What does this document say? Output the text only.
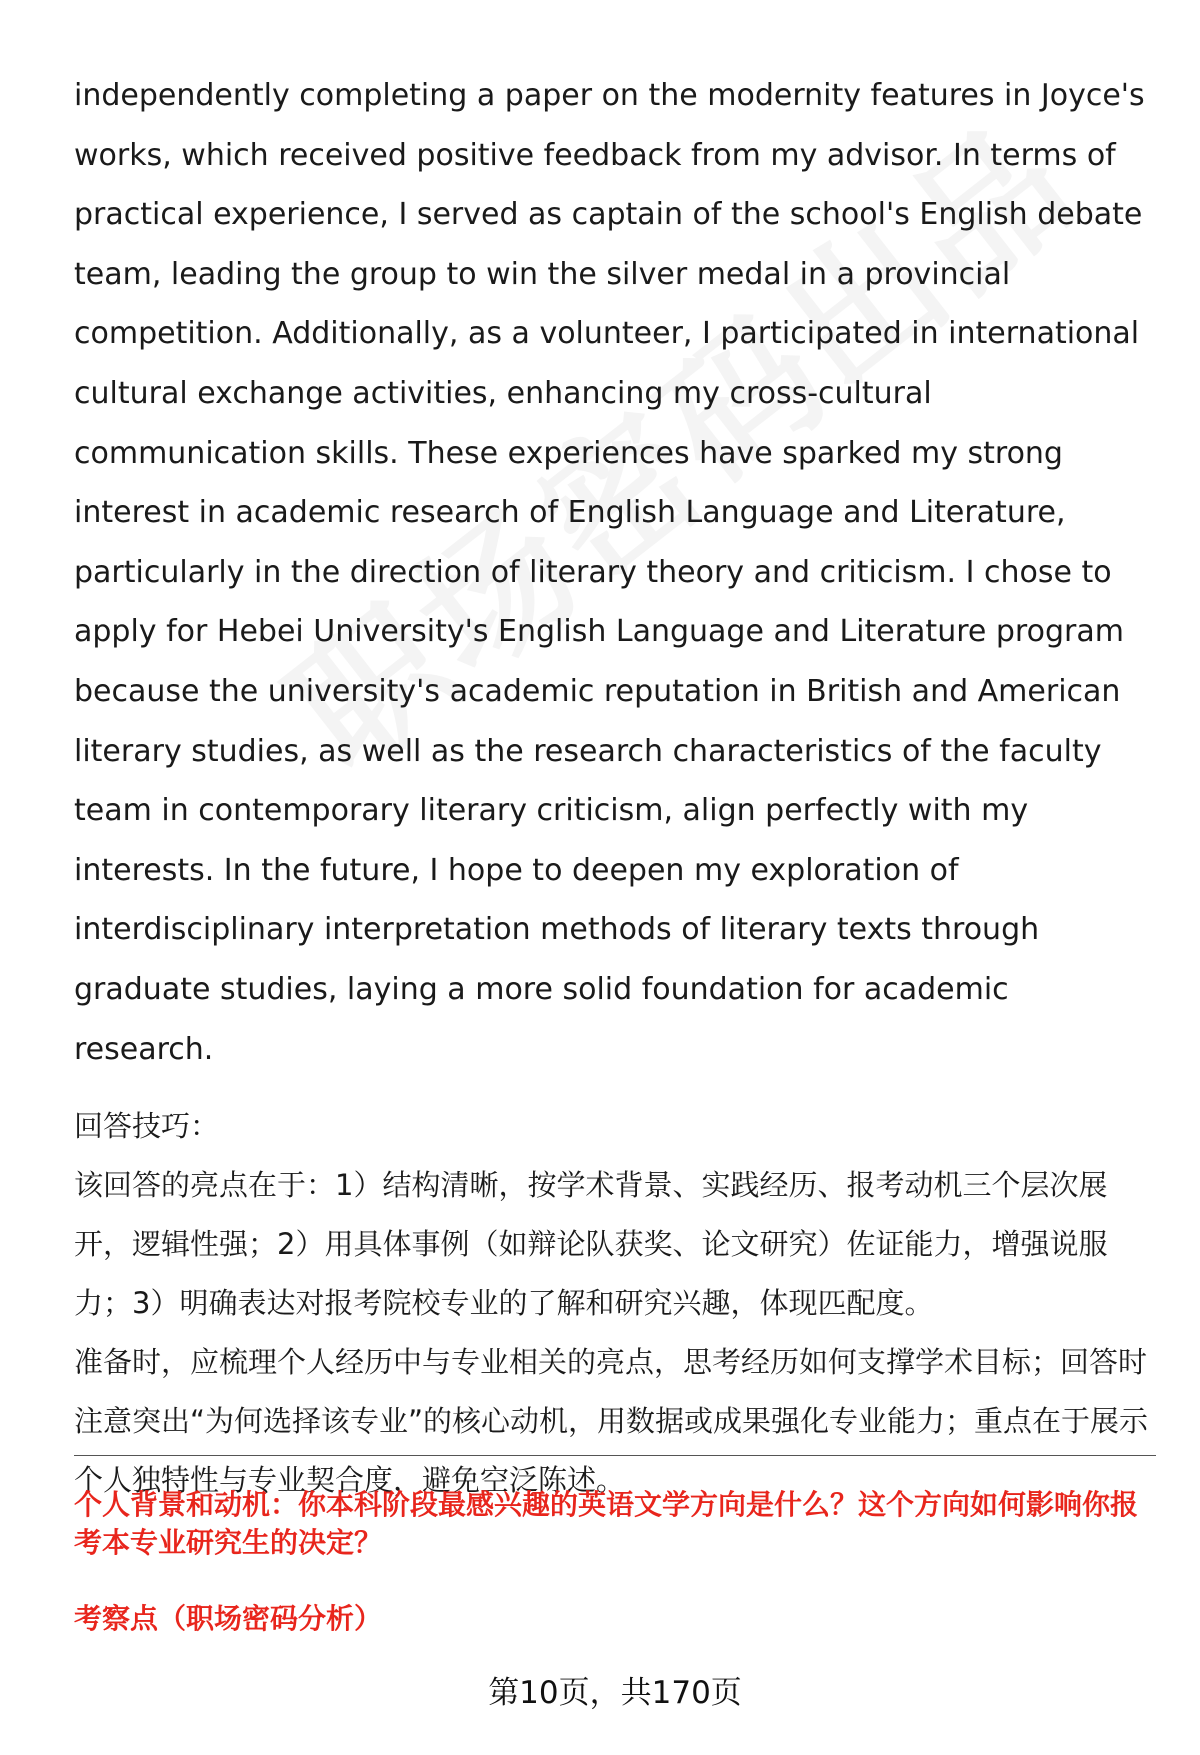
independently completing a paper on the modernity features in Joyce's works, which received positive feedback from my advisor. In terms of practical experience, I served as captain of the school's English debate team, leading the group to win the silver medal in a provincial competition. Additionally, as a volunteer, I participated in international cultural exchange activities, enhancing my cross-cultural communication skills. These experiences have sparked my strong interest in academic research of English Language and Literature, particularly in the direction of literary theory and criticism. I chose to apply for Hebei University's English Language and Literature program because the university's academic reputation in British and American literary studies, as well as the research characteristics of the faculty team in contemporary literary criticism, align perfectly with my interests. In the future, I hope to deepen my exploration of interdisciplinary interpretation methods of literary texts through graduate studies, laying a more solid foundation for academic research.

回答技巧：

该回答的亮点在于：1）结构清晰，按学术背景、实践经历、报考动机三个层次展开，逻辑性强；2）用具体事例（如辩论队获奖、论文研究）佐证能力，增强说服力；3）明确表达对报考院校专业的了解和研究兴趣，体现匹配度。

准备时，应梳理个人经历中与专业相关的亮点，思考经历如何支撑学术目标；回答时注意突出“为何选择该专业”的核心动机，用数据或成果强化专业能力；重点在于展示个人独特性与专业契合度，避免空泛陈述。

个人背景和动机：你本科阶段最感兴趣的英语文学方向是什么？这个方向如何影响你报考本专业研究生的决定？
考察点（职场密码分析）
第10页，共170页
